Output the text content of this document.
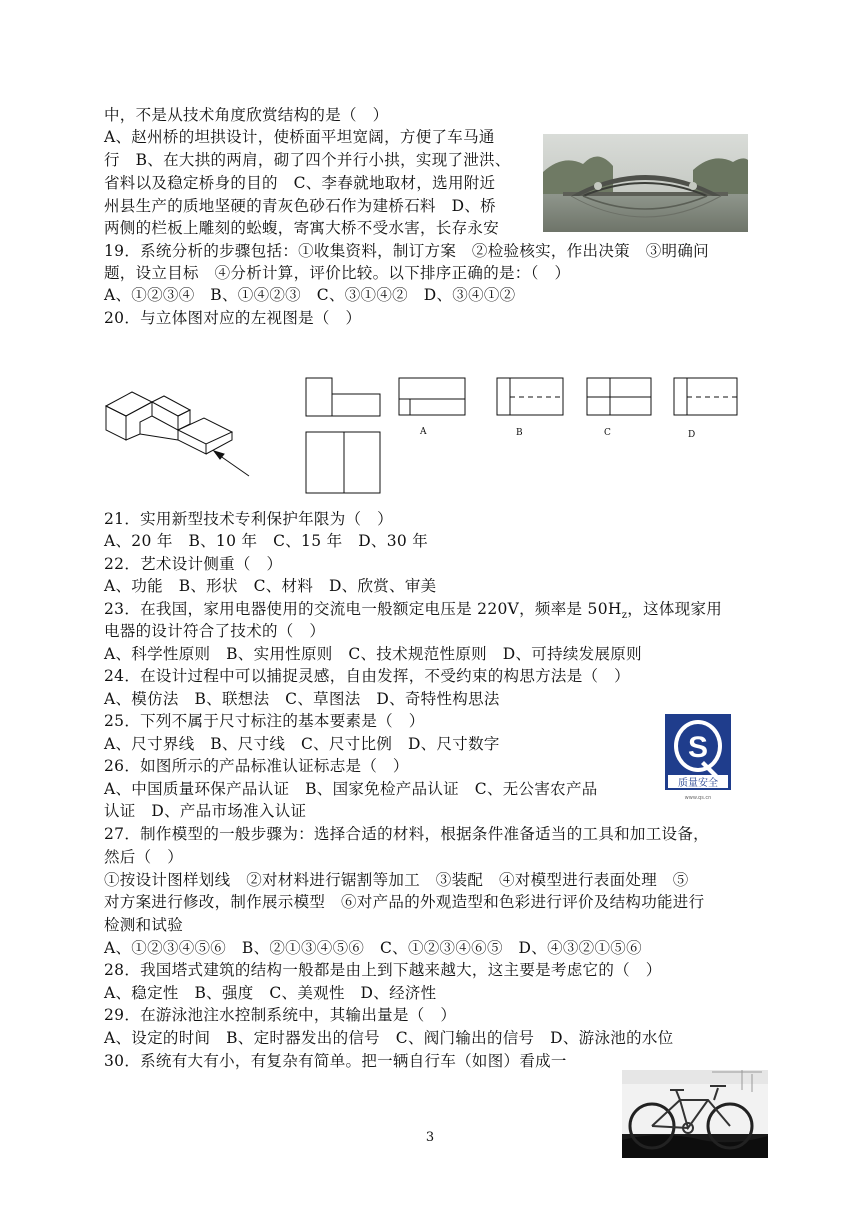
中，不是从技术角度欣赏结构的是（　）
A、赵州桥的坦拱设计，使桥面平坦宽阔，方便了车马通
行　B、在大拱的两肩，砌了四个并行小拱，实现了泄洪、
省料以及稳定桥身的目的　C、李春就地取材，选用附近
州县生产的质地坚硬的青灰色砂石作为建桥石料　D、桥
两侧的栏板上雕刻的蚣蝮，寄寓大桥不受水害，长存永安
19．系统分析的步骤包括：①收集资料，制订方案　②检验核实，作出决策　③明确问
题，设立目标　④分析计算，评价比较。以下排序正确的是：（　）
A、①②③④　B、①④②③　C、③①④②　D、③④①②
20．与立体图对应的左视图是（　）
A	B	C	D
21．实用新型技术专利保护年限为（　）
A、20 年　B、10 年　C、15 年　D、30 年
22．艺术设计侧重（　）
A、功能　B、形状　C、材料　D、欣赏、审美
23．在我国，家用电器使用的交流电一般额定电压是 220V，频率是 $50H_z$，这体现家用
电器的设计符合了技术的（　）
A、科学性原则　B、实用性原则　C、技术规范性原则　D、可持续发展原则
24．在设计过程中可以捕捉灵感，自由发挥，不受约束的构思方法是（　）
A、模仿法　B、联想法　C、草图法　D、奇特性构思法
25．下列不属于尺寸标注的基本要素是（　）
A、尺寸界线　B、尺寸线　C、尺寸比例　D、尺寸数字
26．如图所示的产品标准认证标志是（　）
A、中国质量环保产品认证　B、国家免检产品认证　C、无公害农产品
认证　D、产品市场准入认证
S
质量安全
www.qs.cn
27．制作模型的一般步骤为：选择合适的材料，根据条件准备适当的工具和加工设备，
然后（　）
①按设计图样划线　②对材料进行锯割等加工　③装配　④对模型进行表面处理　⑤
对方案进行修改，制作展示模型　⑥对产品的外观造型和色彩进行评价及结构功能进行
检测和试验
A、①②③④⑤⑥　B、②①③④⑤⑥　C、①②③④⑥⑤　D、④③②①⑤⑥
28．我国塔式建筑的结构一般都是由上到下越来越大，这主要是考虑它的（　）
A、稳定性　B、强度　C、美观性　D、经济性
29．在游泳池注水控制系统中，其输出量是（　）
A、设定的时间　B、定时器发出的信号　C、阀门输出的信号　D、游泳池的水位
30．系统有大有小，有复杂有简单。把一辆自行车（如图）看成一
3
